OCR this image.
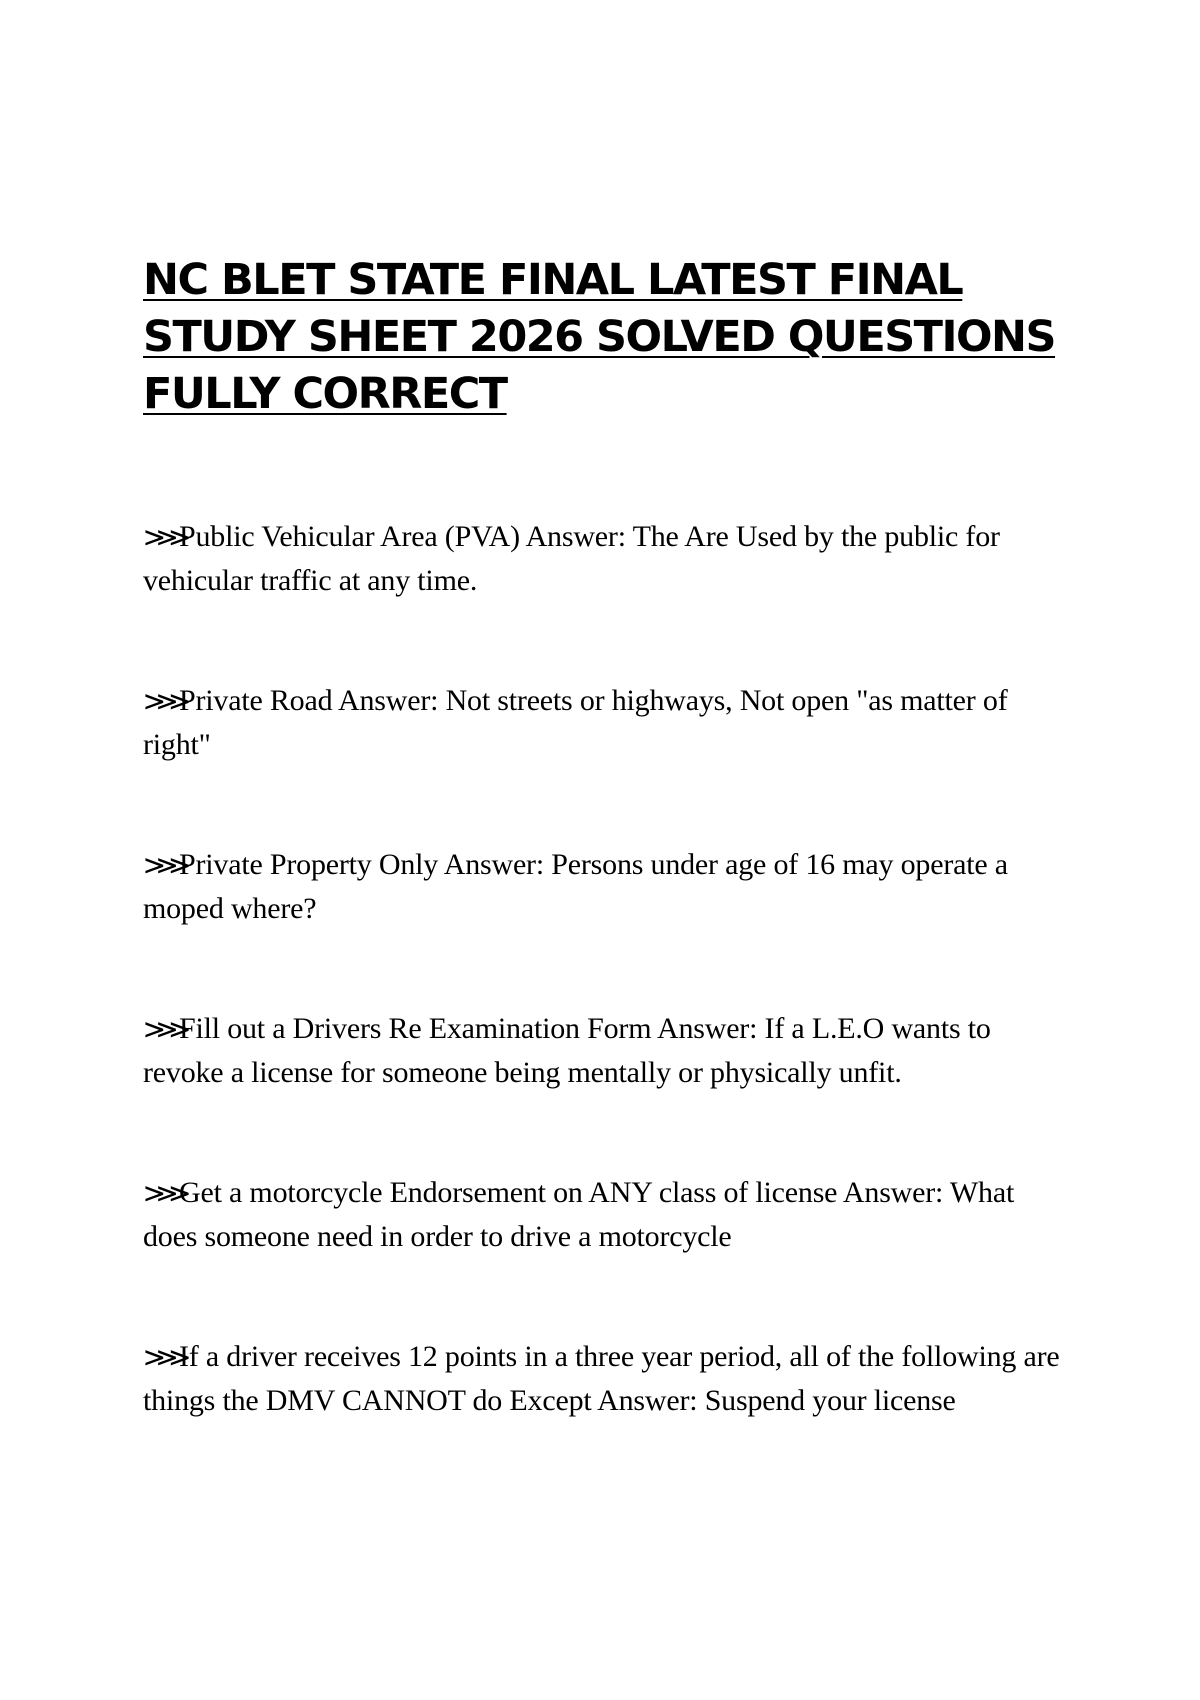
NC BLET STATE FINAL LATEST FINAL
STUDY SHEET 2026 SOLVED QUESTIONS
FULLY CORRECT
⋙Public Vehicular Area (PVA) Answer: The Are Used by the public for vehicular traffic at any time.
⋙Private Road Answer: Not streets or highways, Not open "as matter of right"
⋙Private Property Only Answer: Persons under age of 16 may operate a moped where?
⋙Fill out a Drivers Re Examination Form Answer: If a L.E.O wants to revoke a license for someone being mentally or physically unfit.
⋙Get a motorcycle Endorsement on ANY class of license Answer: What does someone need in order to drive a motorcycle
⋙If a driver receives 12 points in a three year period, all of the following are things the DMV CANNOT do Except Answer: Suspend your license
